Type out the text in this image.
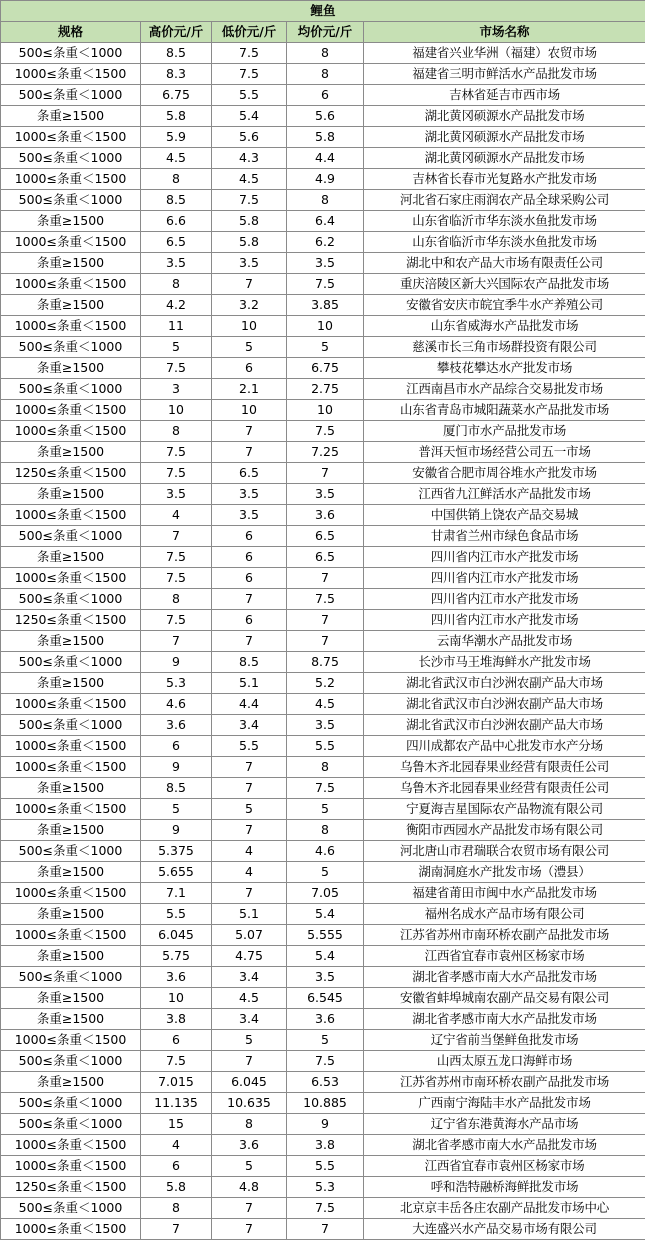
鲤鱼				
规格	高价元/斤	低价元/斤	均价元/斤	市场名称
500≤条重＜1000	8.5	7.5	8	福建省兴业华洲（福建）农贸市场
1000≤条重＜1500	8.3	7.5	8	福建省三明市鲜活水产品批发市场
500≤条重＜1000	6.75	5.5	6	吉林省延吉市西市场
条重≥1500	5.8	5.4	5.6	湖北黄冈硕源水产品批发市场
1000≤条重＜1500	5.9	5.6	5.8	湖北黄冈硕源水产品批发市场
500≤条重＜1000	4.5	4.3	4.4	湖北黄冈硕源水产品批发市场
1000≤条重＜1500	8	4.5	4.9	吉林省长春市光复路水产批发市场
500≤条重＜1000	8.5	7.5	8	河北省石家庄雨润农产品全球采购公司
条重≥1500	6.6	5.8	6.4	山东省临沂市华东淡水鱼批发市场
1000≤条重＜1500	6.5	5.8	6.2	山东省临沂市华东淡水鱼批发市场
条重≥1500	3.5	3.5	3.5	湖北中和农产品大市场有限责任公司
1000≤条重＜1500	8	7	7.5	重庆涪陵区新大兴国际农产品批发市场
条重≥1500	4.2	3.2	3.85	安徽省安庆市皖宜季牛水产养殖公司
1000≤条重＜1500	11	10	10	山东省威海水产品批发市场
500≤条重＜1000	5	5	5	慈溪市长三角市场群投资有限公司
条重≥1500	7.5	6	6.75	攀枝花攀达水产批发市场
500≤条重＜1000	3	2.1	2.75	江西南昌市水产品综合交易批发市场
1000≤条重＜1500	10	10	10	山东省青岛市城阳蔬菜水产品批发市场
1000≤条重＜1500	8	7	7.5	厦门市水产品批发市场
条重≥1500	7.5	7	7.25	普洱天恒市场经营公司五一市场
1250≤条重＜1500	7.5	6.5	7	安徽省合肥市周谷堆水产批发市场
条重≥1500	3.5	3.5	3.5	江西省九江鲜活水产品批发市场
1000≤条重＜1500	4	3.5	3.6	中国供销上饶农产品交易城
500≤条重＜1000	7	6	6.5	甘肃省兰州市绿色食品市场
条重≥1500	7.5	6	6.5	四川省内江市水产批发市场
1000≤条重＜1500	7.5	6	7	四川省内江市水产批发市场
500≤条重＜1000	8	7	7.5	四川省内江市水产批发市场
1250≤条重＜1500	7.5	6	7	四川省内江市水产批发市场
条重≥1500	7	7	7	云南华潮水产品批发市场
500≤条重＜1000	9	8.5	8.75	长沙市马王堆海鲜水产批发市场
条重≥1500	5.3	5.1	5.2	湖北省武汉市白沙洲农副产品大市场
1000≤条重＜1500	4.6	4.4	4.5	湖北省武汉市白沙洲农副产品大市场
500≤条重＜1000	3.6	3.4	3.5	湖北省武汉市白沙洲农副产品大市场
1000≤条重＜1500	6	5.5	5.5	四川成都农产品中心批发市水产分场
1000≤条重＜1500	9	7	8	乌鲁木齐北园春果业经营有限责任公司
条重≥1500	8.5	7	7.5	乌鲁木齐北园春果业经营有限责任公司
1000≤条重＜1500	5	5	5	宁夏海吉星国际农产品物流有限公司
条重≥1500	9	7	8	衡阳市西园水产品批发市场有限公司
500≤条重＜1000	5.375	4	4.6	河北唐山市君瑞联合农贸市场有限公司
条重≥1500	5.655	4	5	湖南洞庭水产批发市场（澧县）
1000≤条重＜1500	7.1	7	7.05	福建省莆田市闽中水产品批发市场
条重≥1500	5.5	5.1	5.4	福州名成水产品市场有限公司
1000≤条重＜1500	6.045	5.07	5.555	江苏省苏州市南环桥农副产品批发市场
条重≥1500	5.75	4.75	5.4	江西省宜春市袁州区杨家市场
500≤条重＜1000	3.6	3.4	3.5	湖北省孝感市南大水产品批发市场
条重≥1500	10	4.5	6.545	安徽省蚌埠城南农副产品交易有限公司
条重≥1500	3.8	3.4	3.6	湖北省孝感市南大水产品批发市场
1000≤条重＜1500	6	5	5	辽宁省前当堡鲜鱼批发市场
500≤条重＜1000	7.5	7	7.5	山西太原五龙口海鲜市场
条重≥1500	7.015	6.045	6.53	江苏省苏州市南环桥农副产品批发市场
500≤条重＜1000	11.135	10.635	10.885	广西南宁海陆丰水产品批发市场
500≤条重＜1000	15	8	9	辽宁省东港黄海水产品市场
1000≤条重＜1500	4	3.6	3.8	湖北省孝感市南大水产品批发市场
1000≤条重＜1500	6	5	5.5	江西省宜春市袁州区杨家市场
1250≤条重＜1500	5.8	4.8	5.3	呼和浩特融桥海鲜批发市场
500≤条重＜1000	8	7	7.5	北京京丰岳各庄农副产品批发市场中心
1000≤条重＜1500	7	7	7	大连盛兴水产品交易市场有限公司
